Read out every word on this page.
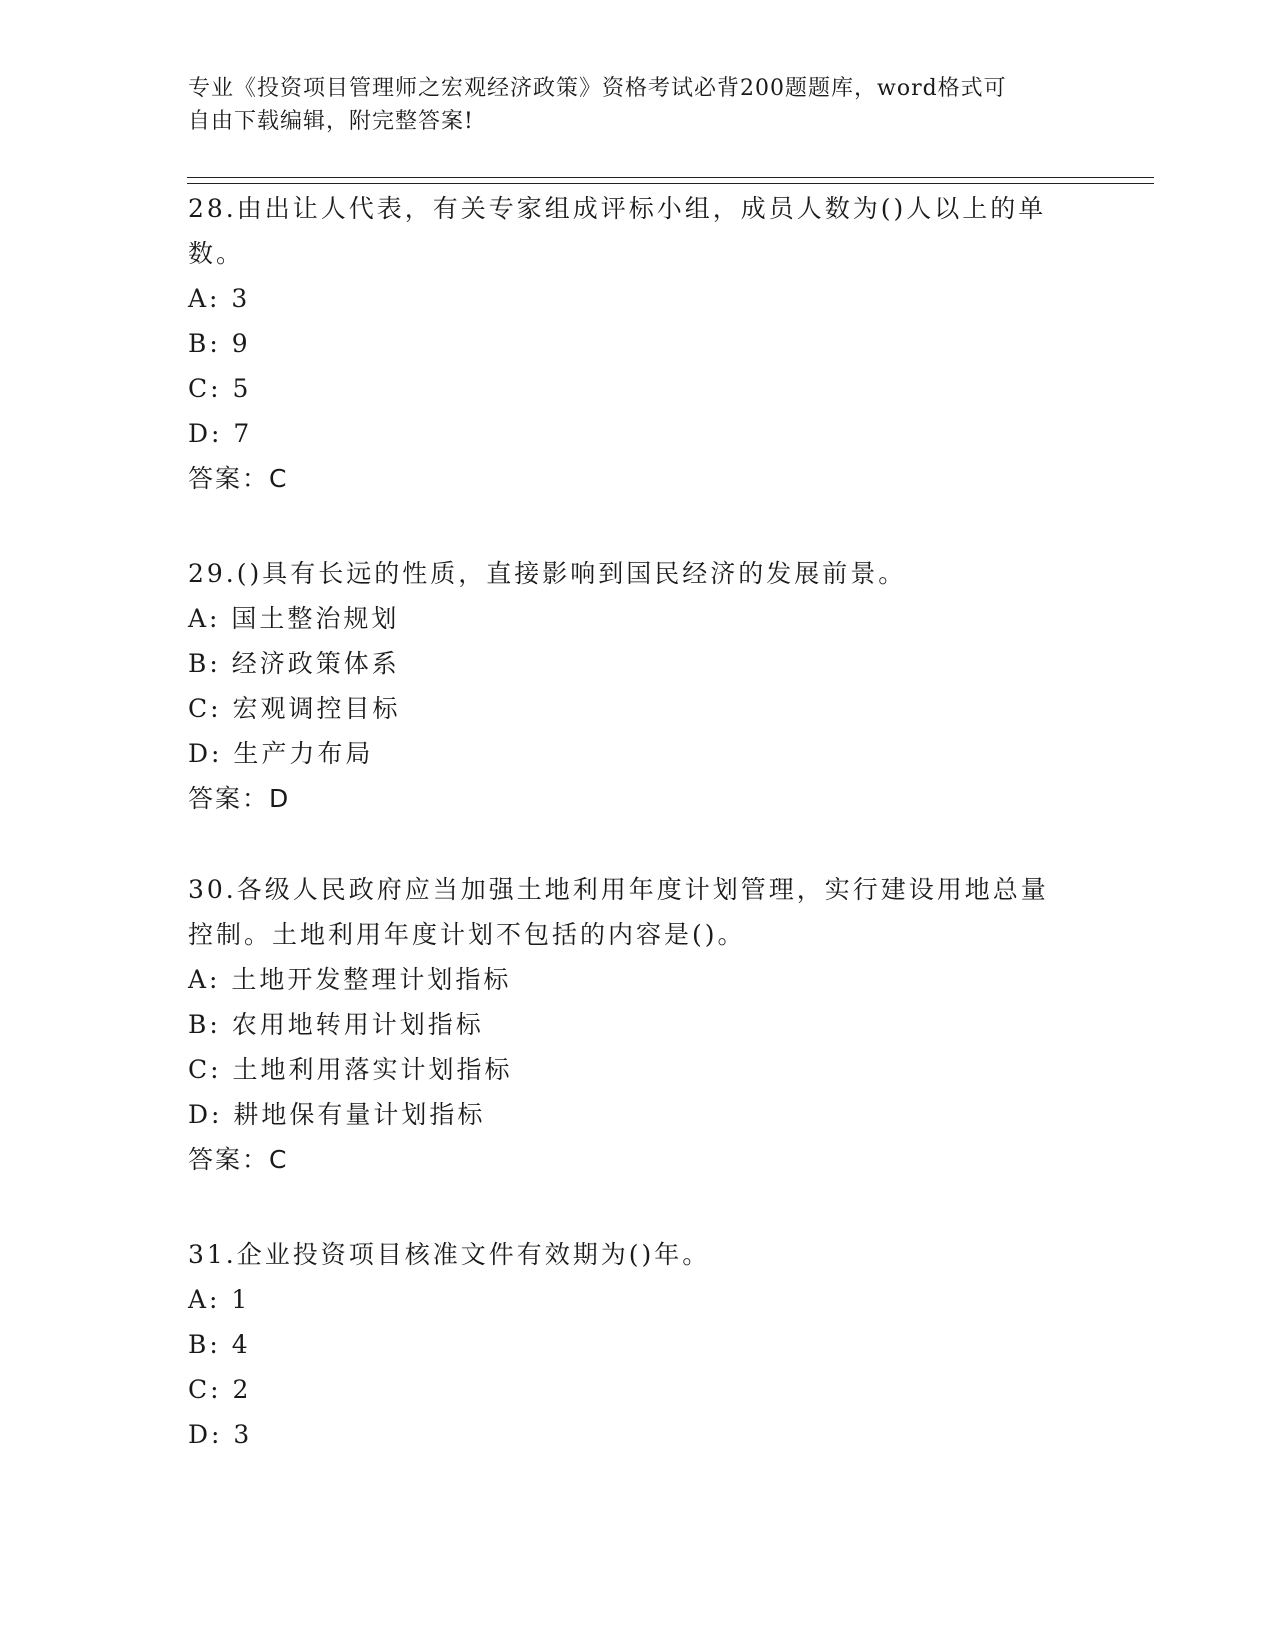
专业《投资项目管理师之宏观经济政策》资格考试必背200题题库，word格式可
自由下载编辑，附完整答案!

28.由出让人代表，有关专家组成评标小组，成员人数为()人以上的单

数。

A: 3

B: 9

C: 5

D: 7

答案：C

29.()具有长远的性质，直接影响到国民经济的发展前景。

A: 国土整治规划

B: 经济政策体系

C: 宏观调控目标

D: 生产力布局

答案：D

30.各级人民政府应当加强土地利用年度计划管理，实行建设用地总量

控制。土地利用年度计划不包括的内容是()。

A: 土地开发整理计划指标

B: 农用地转用计划指标

C: 土地利用落实计划指标

D: 耕地保有量计划指标

答案：C

31.企业投资项目核准文件有效期为()年。

A: 1

B: 4

C: 2

D: 3
